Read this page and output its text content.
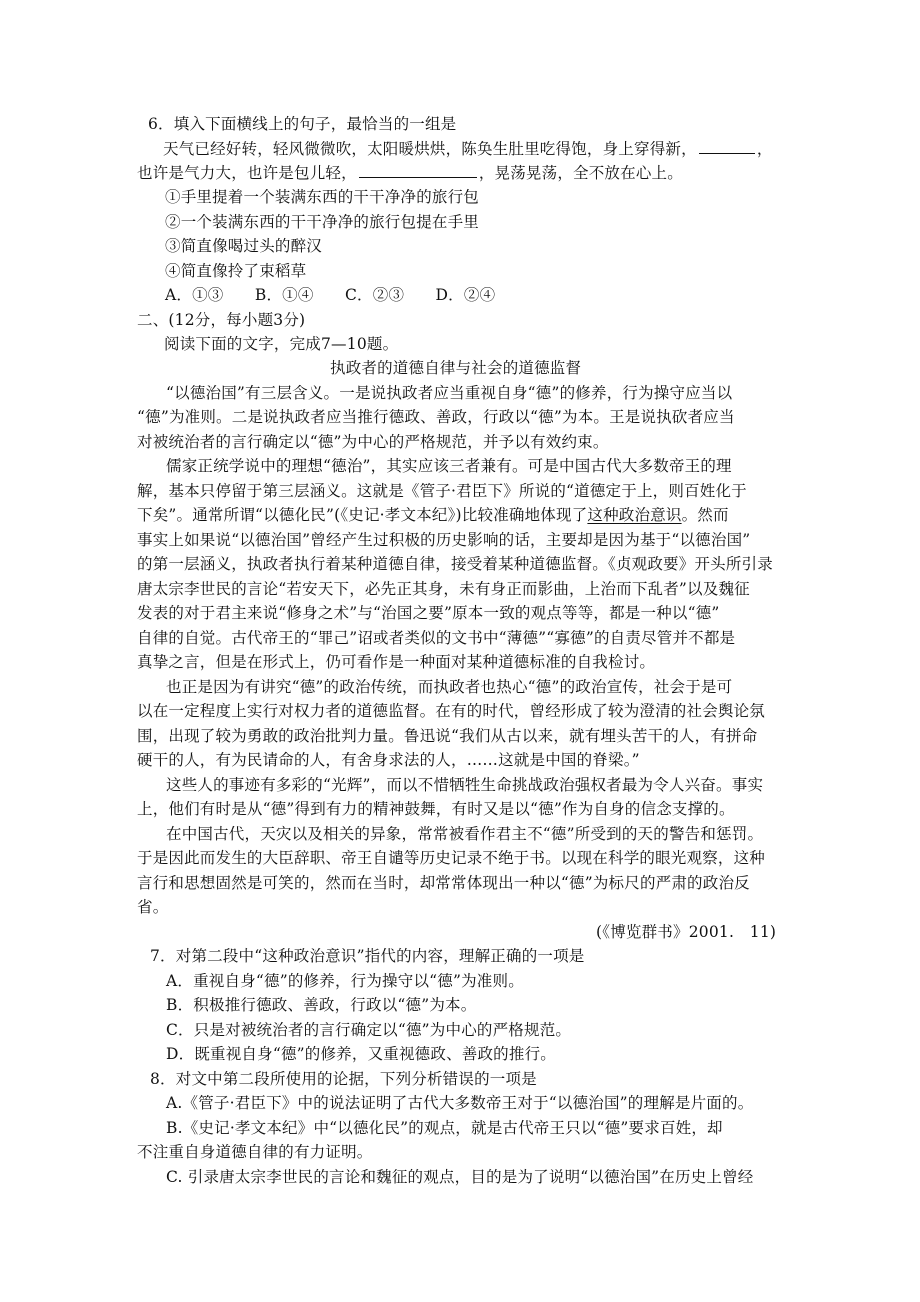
6．填入下面横线上的句子，最恰当的一组是
天气已经好转，轻风微微吹，太阳暖烘烘，陈奂生肚里吃得饱，身上穿得新，	，
也许是气力大，也许是包儿轻，	，晃荡晃荡，全不放在心上。
①手里提着一个装满东西的干干净净的旅行包
②一个装满东西的干干净净的旅行包提在手里
③简直像喝过头的醉汉
④简直像拎了束稻草
A．①③　　B．①④　　C．②③　　D．②④
二、(12分，每小题3分)
阅读下面的文字，完成7—10题。
执政者的道德自律与社会的道德监督
“以德治国”有三层含义。一是说执政者应当重视自身“德”的修养，行为操守应当以
“德”为准则。二是说执政者应当推行德政、善政，行政以“德”为本。王是说执砍者应当
对被统治者的言行确定以“德”为中心的严格规范，并予以有效约束。
儒家正统学说中的理想“德治”，其实应该三者兼有。可是中国古代大多数帝王的理
解，基本只停留于第三层涵义。这就是《管子·君臣下》所说的“道德定于上，则百姓化于
下矣”。通常所谓“以德化民”(《史记·孝文本纪》)比较准确地体现了这种政治意识。然而
事实上如果说“以德治国”曾经产生过积极的历史影响的话，主要却是因为基于“以德治国”
的第一层涵义，执政者执行着某种道德自律，接受着某种道德监督。《贞观政要》开头所引录
唐太宗李世民的言论“若安天下，必先正其身，未有身正而影曲，上治而下乱者”以及魏征
发表的对于君主来说“修身之术”与“治国之要”原本一致的观点等等，都是一种以“德”
自律的自觉。古代帝王的“罪己”诏或者类似的文书中“薄德”“寡德”的自责尽管并不都是
真挚之言，但是在形式上，仍可看作是一种面对某种道德标准的自我检讨。
也正是因为有讲究“德”的政治传统，而执政者也热心“德”的政治宣传，社会于是可
以在一定程度上实行对权力者的道德监督。在有的时代，曾经形成了较为澄清的社会舆论氛
围，出现了较为勇敢的政治批判力量。鲁迅说“我们从古以来，就有埋头苦干的人，有拼命
硬干的人，有为民请命的人，有舍身求法的人，……这就是中国的脊梁。”
这些人的事迹有多彩的“光辉”，而以不惜牺牲生命挑战政治强权者最为令人兴奋。事实
上，他们有时是从“德”得到有力的精神鼓舞，有时又是以“德”作为自身的信念支撑的。
在中国古代，天灾以及相关的异象，常常被看作君主不“德”所受到的天的警告和惩罚。
于是因此而发生的大臣辞职、帝王自谴等历史记录不绝于书。以现在科学的眼光观察，这种
言行和思想固然是可笑的，然而在当时，却常常体现出一种以“德”为标尺的严肃的政治反
省。
(《博览群书》2001.　11)
7．对第二段中“这种政治意识”指代的内容，理解正确的一项是
A．重视自身“德”的修养，行为操守以“德”为准则。
B．积极推行德政、善政，行政以“德”为本。
C．只是对被统治者的言行确定以“德”为中心的严格规范。
D．既重视自身“德”的修养，又重视德政、善政的推行。
8．对文中第二段所使用的论据，下列分析错误的一项是
A.《管子·君臣下》中的说法证明了古代大多数帝王对于“以德治国”的理解是片面的。
B.《史记·孝文本纪》中“以德化民”的观点，就是古代帝王只以“德”要求百姓，却
不注重自身道德自律的有力证明。
C. 引录唐太宗李世民的言论和魏征的观点，目的是为了说明“以德治国”在历史上曾经
